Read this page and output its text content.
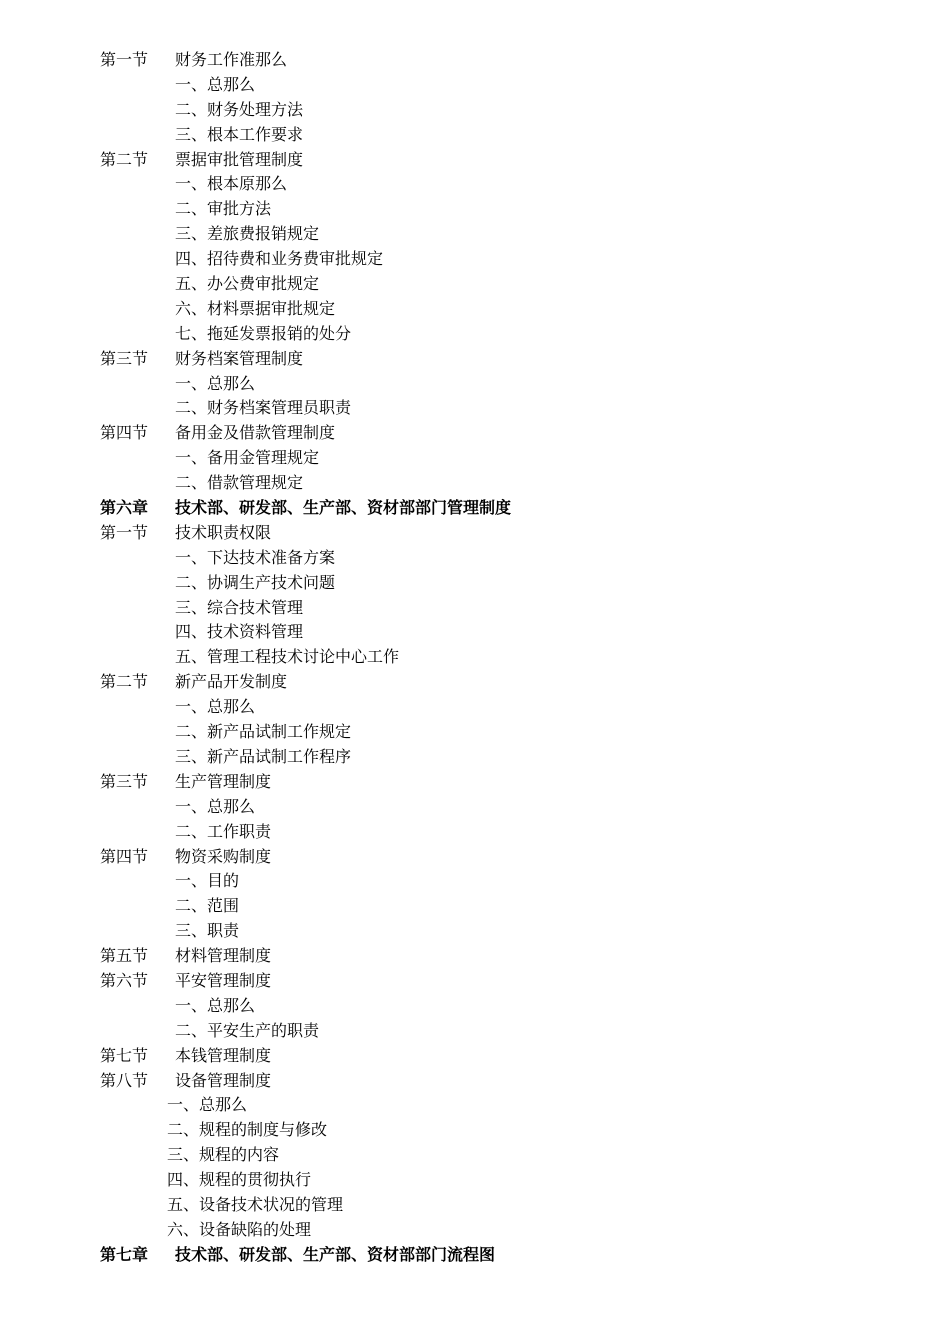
第一节 财务工作准那么
一、总那么
二、财务处理方法
三、根本工作要求
第二节 票据审批管理制度
一、根本原那么
二、审批方法
三、差旅费报销规定
四、招待费和业务费审批规定
五、办公费审批规定
六、材料票据审批规定
七、拖延发票报销的处分
第三节 财务档案管理制度
一、总那么
二、财务档案管理员职责
第四节 备用金及借款管理制度
一、备用金管理规定
二、借款管理规定
第六章 技术部、研发部、生产部、资材部部门管理制度
第一节 技术职责权限
一、下达技术准备方案
二、协调生产技术问题
三、综合技术管理
四、技术资料管理
五、管理工程技术讨论中心工作
第二节 新产品开发制度
一、总那么
二、新产品试制工作规定
三、新产品试制工作程序
第三节 生产管理制度
一、总那么
二、工作职责
第四节 物资采购制度
一、目的
二、范围
三、职责
第五节 材料管理制度
第六节 平安管理制度
一、总那么
二、平安生产的职责
第七节 本钱管理制度
第八节 设备管理制度
一、总那么
二、规程的制度与修改
三、规程的内容
四、规程的贯彻执行
五、设备技术状况的管理
六、设备缺陷的处理
第七章 技术部、研发部、生产部、资材部部门流程图
